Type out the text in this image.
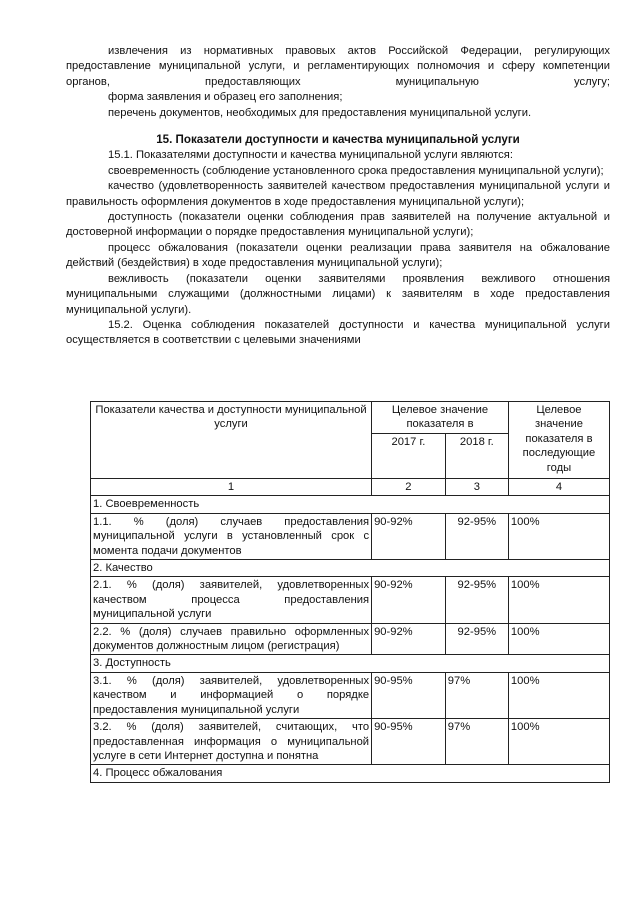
извлечения из нормативных правовых актов Российской Федерации, регулирующих предоставление муниципальной услуги, и регламентирующих полномочия и сферу компетенции органов, предоставляющих муниципальную услугу;

форма заявления и образец его заполнения;

перечень документов, необходимых для предоставления муниципальной услуги.

15. Показатели доступности и качества муниципальной услуги

15.1. Показателями доступности и качества муниципальной услуги являются:

своевременность (соблюдение установленного срока предоставления муниципальной услуги);

качество (удовлетворенность заявителей качеством предоставления муниципальной услуги и правильность оформления документов в ходе предоставления муниципальной услуги);

доступность (показатели оценки соблюдения прав заявителей на получение актуальной и достоверной информации о порядке предоставления муниципальной услуги);

процесс обжалования (показатели оценки реализации права заявителя на обжалование действий (бездействия) в ходе предоставления муниципальной услуги);

вежливость (показатели оценки заявителями проявления вежливого отношения муниципальными служащими (должностными лицами) к заявителям в ходе предоставления муниципальной услуги).

15.2. Оценка соблюдения показателей доступности и качества муниципальной услуги осуществляется в соответствии с целевыми значениями

Показатели качества и доступности муниципальной услуги	Целевое значение показателя в		Целевое значение показателя в последующие годы
	2017 г.	2018 г.	
1	2	3	4
1. Своевременность			
1.1. % (доля) случаев предоставления муниципальной услуги в установленный срок с момента подачи документов	90-92%	92-95%	100%
2. Качество			
2.1. % (доля) заявителей, удовлетворенных качеством процесса предоставления муниципальной услуги	90-92%	92-95%	100%
2.2. % (доля) случаев правильно оформленных документов должностным лицом (регистрация)	90-92%	92-95%	100%
3. Доступность			
3.1. % (доля) заявителей, удовлетворенных качеством и информацией о порядке предоставления муниципальной услуги	90-95%	97%	100%
3.2. % (доля) заявителей, считающих, что предоставленная информация о муниципальной услуге в сети Интернет доступна и понятна	90-95%	97%	100%
4. Процесс обжалования			
